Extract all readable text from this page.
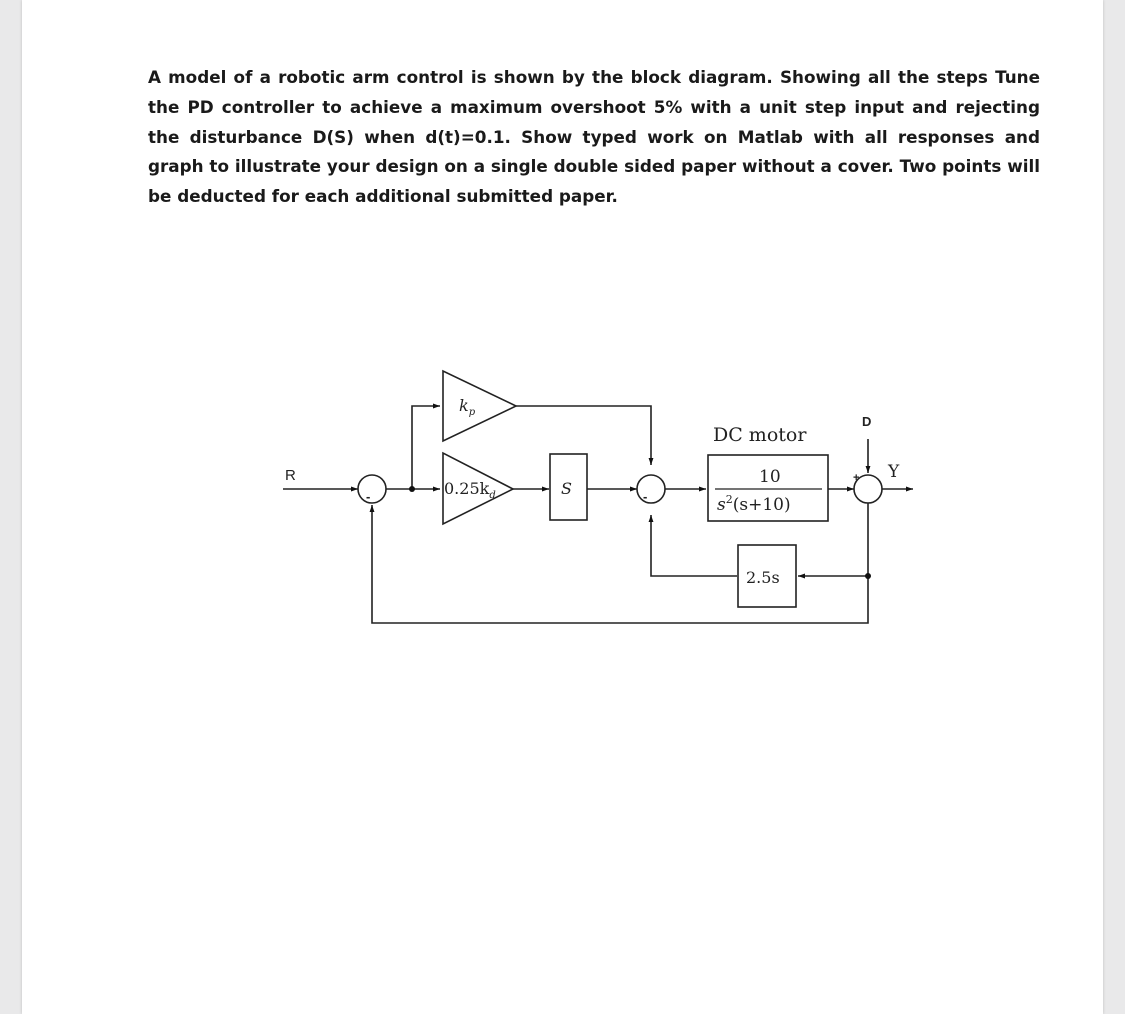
A model of a robotic arm control is shown by the block diagram. Showing all the steps Tune the PD controller to achieve a maximum overshoot 5% with a unit step input and rejecting the disturbance D(S) when d(t)=0.1. Show typed work on Matlab with all responses and graph to illustrate your design on a single double sided paper without a cover. Two points will be deducted for each additional submitted paper.

R
D
Y
-	-
+
$k_p$
$0.25k_d$	S
DC motor
10
$s^2(s+10)$
2.5s
